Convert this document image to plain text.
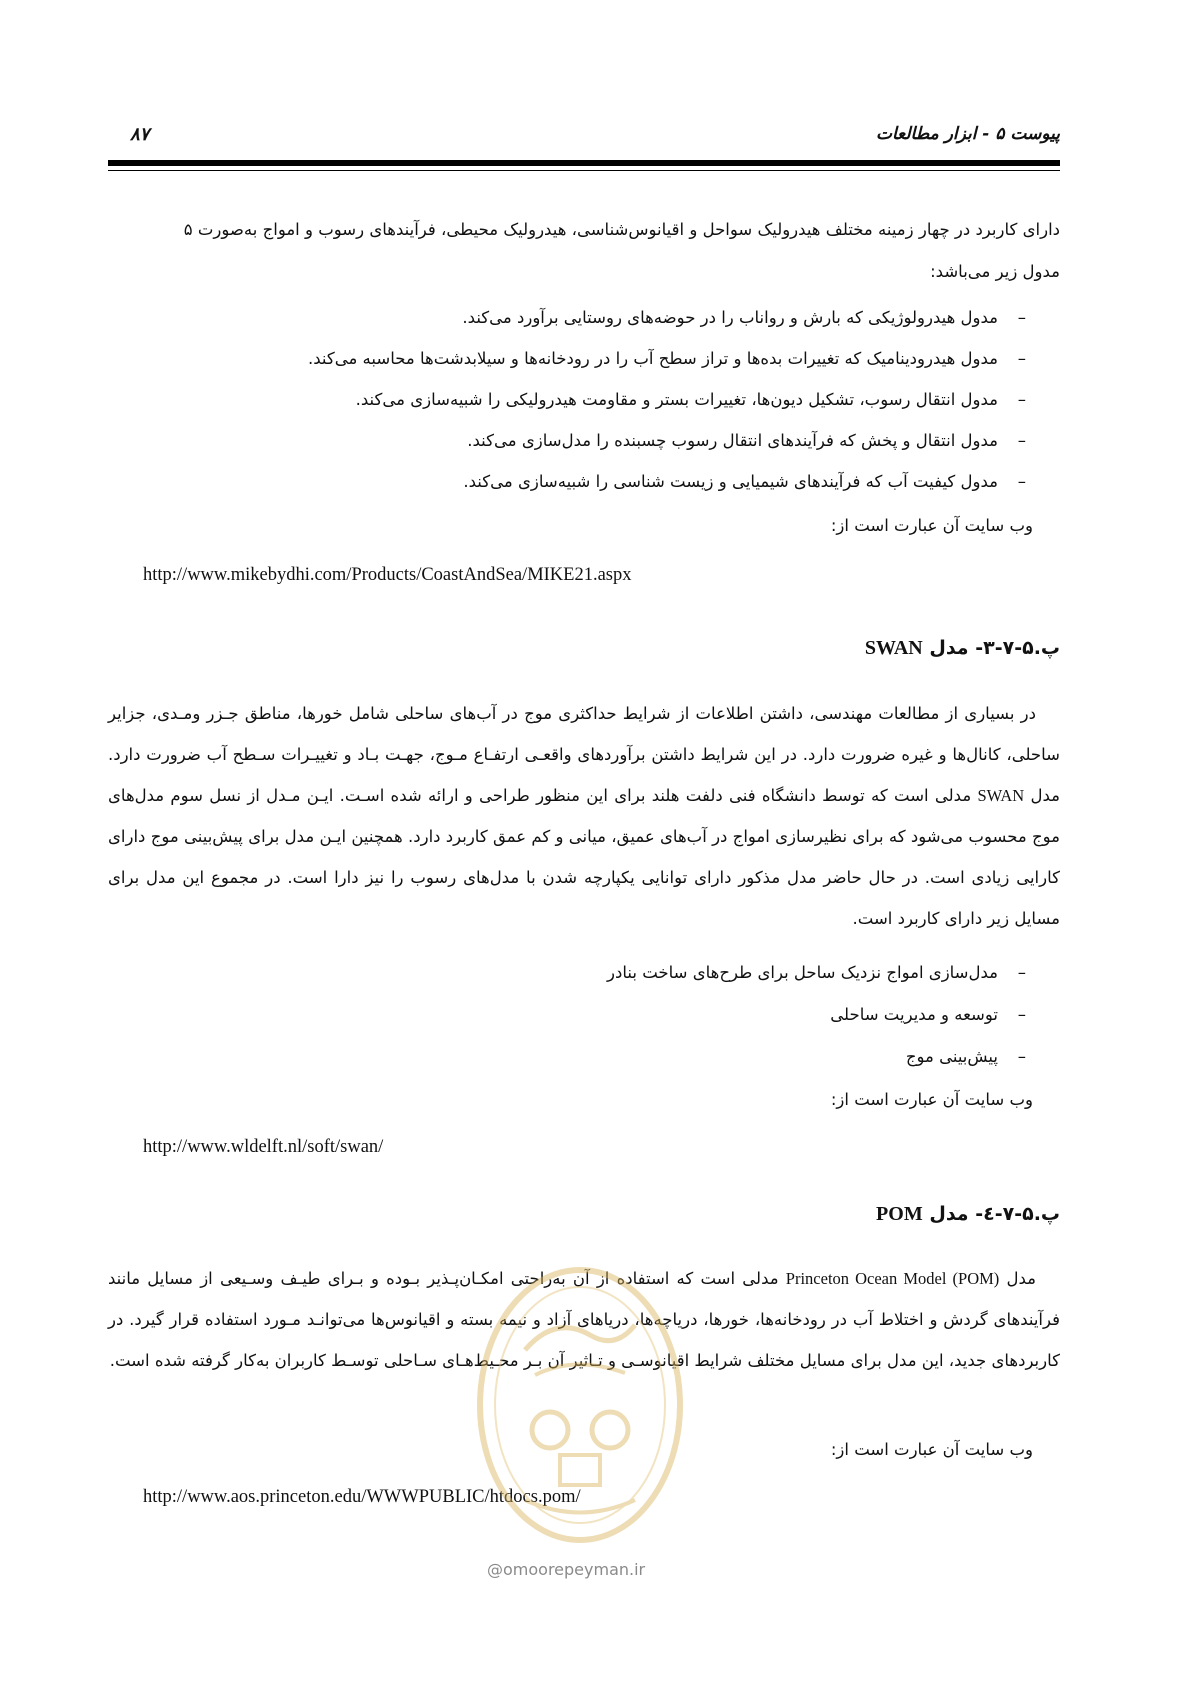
پیوست ۵ - ابزار مطالعات
۸۷
دارای کاربرد در چهار زمینه مختلف هیدرولیک سواحل و اقیانوس‌شناسی، هیدرولیک محیطی، فرآیندهای رسوب و امواج به‌صورت ۵
مدول زیر می‌باشد:
–مدول هیدرولوژیکی که بارش و رواناب را در حوضه‌های روستایی برآورد می‌کند.
–مدول هیدرودینامیک که تغییرات بده‌ها و تراز سطح آب را در رودخانه‌ها و سیلابدشت‌ها محاسبه می‌کند.
–مدول انتقال رسوب، تشکیل دیون‌ها، تغییرات بستر و مقاومت هیدرولیکی را شبیه‌سازی می‌کند.
–مدول انتقال و پخش که فرآیندهای انتقال رسوب چسبنده را مدل‌سازی می‌کند.
–مدول کیفیت آب که فرآیندهای شیمیایی و زیست شناسی را شبیه‌سازی می‌کند.
وب سایت آن عبارت است از:
http://www.mikebydhi.com/Products/CoastAndSea/MIKE21.aspx
پ.۵-۷-۳- مدل SWAN
در بسیاری از مطالعات مهندسی، داشتن اطلاعات از شرایط حداکثری موج در آب‌های ساحلی شامل خورها، مناطق جـزر ومـدی، جزایر ساحلی، کانال‌ها و غیره ضرورت دارد. در این شرایط داشتن برآوردهای واقعـی ارتفـاع مـوج، جهـت بـاد و تغییـرات سـطح آب ضرورت دارد. مدل SWAN مدلی است که توسط دانشگاه فنی دلفت هلند برای این منظور طراحی و ارائه شده اسـت. ایـن مـدل از نسل سوم مدل‌های موج محسوب می‌شود که برای نظیرسازی امواج در آب‌های عمیق، میانی و کم عمق کاربرد دارد. همچنین ایـن مدل برای پیش‌بینی موج دارای کارایی زیادی است. در حال حاضر مدل مذکور دارای توانایی یکپارچه شدن با مدل‌های رسوب را نیز دارا است. در مجموع این مدل برای مسایل زیر دارای کاربرد است.
–مدل‌سازی امواج نزدیک ساحل برای طرح‌های ساخت بنادر
–توسعه و مدیریت ساحلی
–پیش‌بینی موج
وب سایت آن عبارت است از:
http://www.wldelft.nl/soft/swan/
پ.۵-۷-٤- مدل POM
مدل Princeton Ocean Model (POM) مدلی است که استفاده از آن به‌راحتی امکـان‌پـذیر بـوده و بـرای طیـف وسـیعی از مسایل مانند فرآیندهای گردش و اختلاط آب در رودخانه‌ها، خورها، دریاچه‌ها، دریاهای آزاد و نیمه بسته و اقیانوس‌ها می‌توانـد مـورد استفاده قرار گیرد. در کاربردهای جدید، این مدل برای مسایل مختلف شرایط اقیانوسـی و تـاثیر آن بـر محـیط‌هـای سـاحلی توسـط کاربران به‌کار گرفته شده است.
وب سایت آن عبارت است از:
http://www.aos.princeton.edu/WWWPUBLIC/htdocs.pom/
@omoorepeyman.ir
